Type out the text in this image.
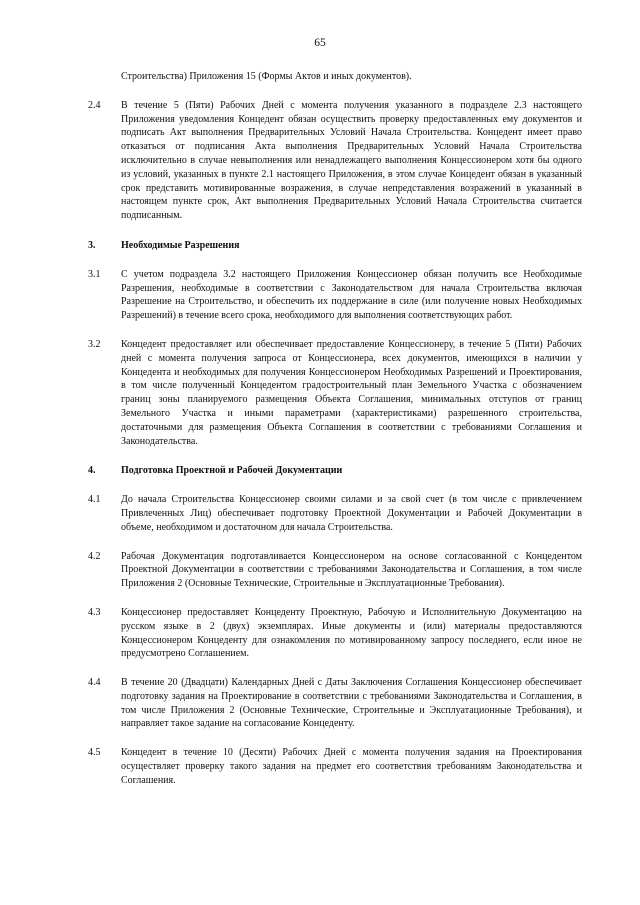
65
Строительства) Приложения 15 (Формы Актов и иных документов).
2.4	В течение 5 (Пяти) Рабочих Дней с момента получения указанного в подразделе 2.3 настоящего Приложения уведомления Концедент обязан осуществить проверку предоставленных ему документов и подписать Акт выполнения Предварительных Условий Начала Строительства. Концедент имеет право отказаться от подписания Акта выполнения Предварительных Условий Начала Строительства исключительно в случае невыполнения или ненадлежащего выполнения Концессионером хотя бы одного из условий, указанных в пункте 2.1 настоящего Приложения, в этом случае Концедент обязан в указанный срок представить мотивированные возражения, в случае непредставления возражений в указанный в настоящем пункте срок, Акт выполнения Предварительных Условий Начала Строительства считается подписанным.
3.	Необходимые Разрешения
3.1	С учетом подраздела 3.2 настоящего Приложения Концессионер обязан получить все Необходимые Разрешения, необходимые в соответствии с Законодательством для начала Строительства включая Разрешение на Строительство, и обеспечить их поддержание в силе (или получение новых Необходимых Разрешений) в течение всего срока, необходимого для выполнения соответствующих работ.
3.2	Концедент предоставляет или обеспечивает предоставление Концессионеру, в течение 5 (Пяти) Рабочих дней с момента получения запроса от Концессионера, всех документов, имеющихся в наличии у Концедента и необходимых для получения Концессионером Необходимых Разрешений и Проектирования, в том числе полученный Концедентом градостроительный план Земельного Участка с обозначением границ зоны планируемого размещения Объекта Соглашения, минимальных отступов от границ Земельного Участка и иными параметрами (характеристиками) разрешенного строительства, достаточными для размещения Объекта Соглашения в соответствии с требованиями Соглашения и Законодательства.
4.	Подготовка Проектной и Рабочей Документации
4.1	До начала Строительства Концессионер своими силами и за свой счет (в том числе с привлечением Привлеченных Лиц) обеспечивает подготовку Проектной Документации и Рабочей Документации в объеме, необходимом и достаточном для начала Строительства.
4.2	Рабочая Документация подготавливается Концессионером на основе согласованной с Концедентом Проектной Документации в соответствии с требованиями Законодательства и Соглашения, в том числе Приложения 2 (Основные Технические, Строительные и Эксплуатационные Требования).
4.3	Концессионер предоставляет Концеденту Проектную, Рабочую и Исполнительную Документацию на русском языке в 2 (двух) экземплярах. Иные документы и (или) материалы предоставляются Концессионером Концеденту для ознакомления по мотивированному запросу последнего, если иное не предусмотрено Соглашением.
4.4	В течение 20 (Двадцати) Календарных Дней с Даты Заключения Соглашения Концессионер обеспечивает подготовку задания на Проектирование в соответствии с требованиями Законодательства и Соглашения, в том числе Приложения 2 (Основные Технические, Строительные и Эксплуатационные Требования), и направляет такое задание на согласование Концеденту.
4.5	Концедент в течение 10 (Десяти) Рабочих Дней с момента получения задания на Проектирования осуществляет проверку такого задания на предмет его соответствия требованиям Законодательства и Соглашения.
